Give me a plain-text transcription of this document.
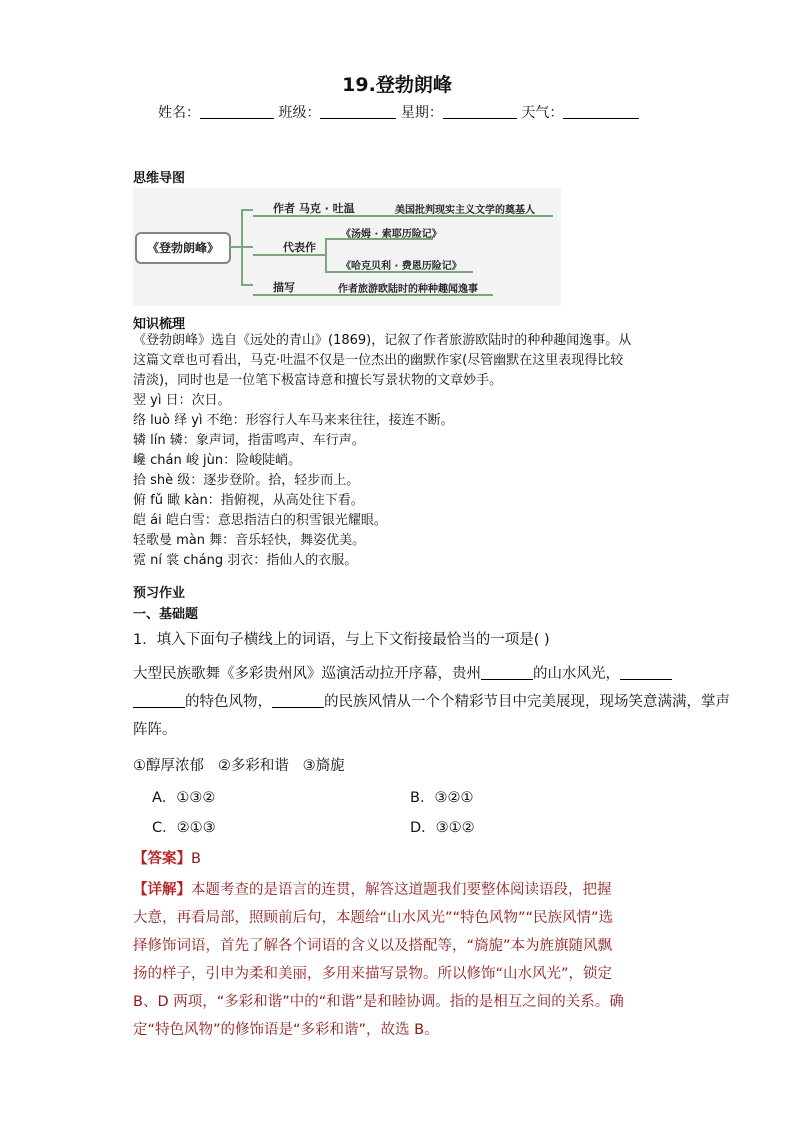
19.登勃朗峰
姓名：	班级：	星期：	天气：
思维导图
《登勃朗峰》
作者 马克 · 吐温	美国批判现实主义文学的奠基人
代表作
《汤姆 · 索耶历险记》
《哈克贝利 · 费恩历险记》
描写	作者旅游欧陆时的种种趣闻逸事
知识梳理
《登勃朗峰》选自《远处的青山》(1869)，记叙了作者旅游欧陆时的种种趣闻逸事。从
这篇文章也可看出，马克·吐温不仅是一位杰出的幽默作家(尽管幽默在这里表现得比较
清淡)，同时也是一位笔下极富诗意和擅长写景状物的文章妙手。
翌 yì 日：次日。
络 luò 绎 yì 不绝：形容行人车马来来往往，接连不断。
辚 lín 辚：象声词，指雷鸣声、车行声。
巉 chán 峻 jùn：险峻陡峭。
拾 shè 级：逐步登阶。拾，轻步而上。
俯 fǔ 瞰 kàn：指俯视，从高处往下看。
皑 ái 皑白雪：意思指洁白的积雪银光耀眼。
轻歌曼 màn 舞：音乐轻快，舞姿优美。
霓 ní 裳 cháng 羽衣：指仙人的衣服。
预习作业
一、基础题
1．填入下面句子横线上的词语，与上下文衔接最恰当的一项是( )
大型民族歌舞《多彩贵州风》巡演活动拉开序幕，贵州	的山水风光，
的特色风物，	的民族风情从一个个精彩节目中完美展现，现场笑意满满，掌声
阵阵。
①醇厚浓郁   ②多彩和谐   ③旖旎
A．①③②	B．③②①
C．②①③	D．③①②
【答案】B
【详解】本题考查的是语言的连贯，解答这道题我们要整体阅读语段，把握
大意，再看局部，照顾前后句，本题给“山水风光”“特色风物”“民族风情”选
择修饰词语，首先了解各个词语的含义以及搭配等，“旖旎”本为旌旗随风飘
扬的样子，引申为柔和美丽，多用来描写景物。所以修饰“山水风光”，锁定
B、D 两项，“多彩和谐”中的“和谐”是和睦协调。指的是相互之间的关系。确
定“特色风物”的修饰语是“多彩和谐”，故选 B。
